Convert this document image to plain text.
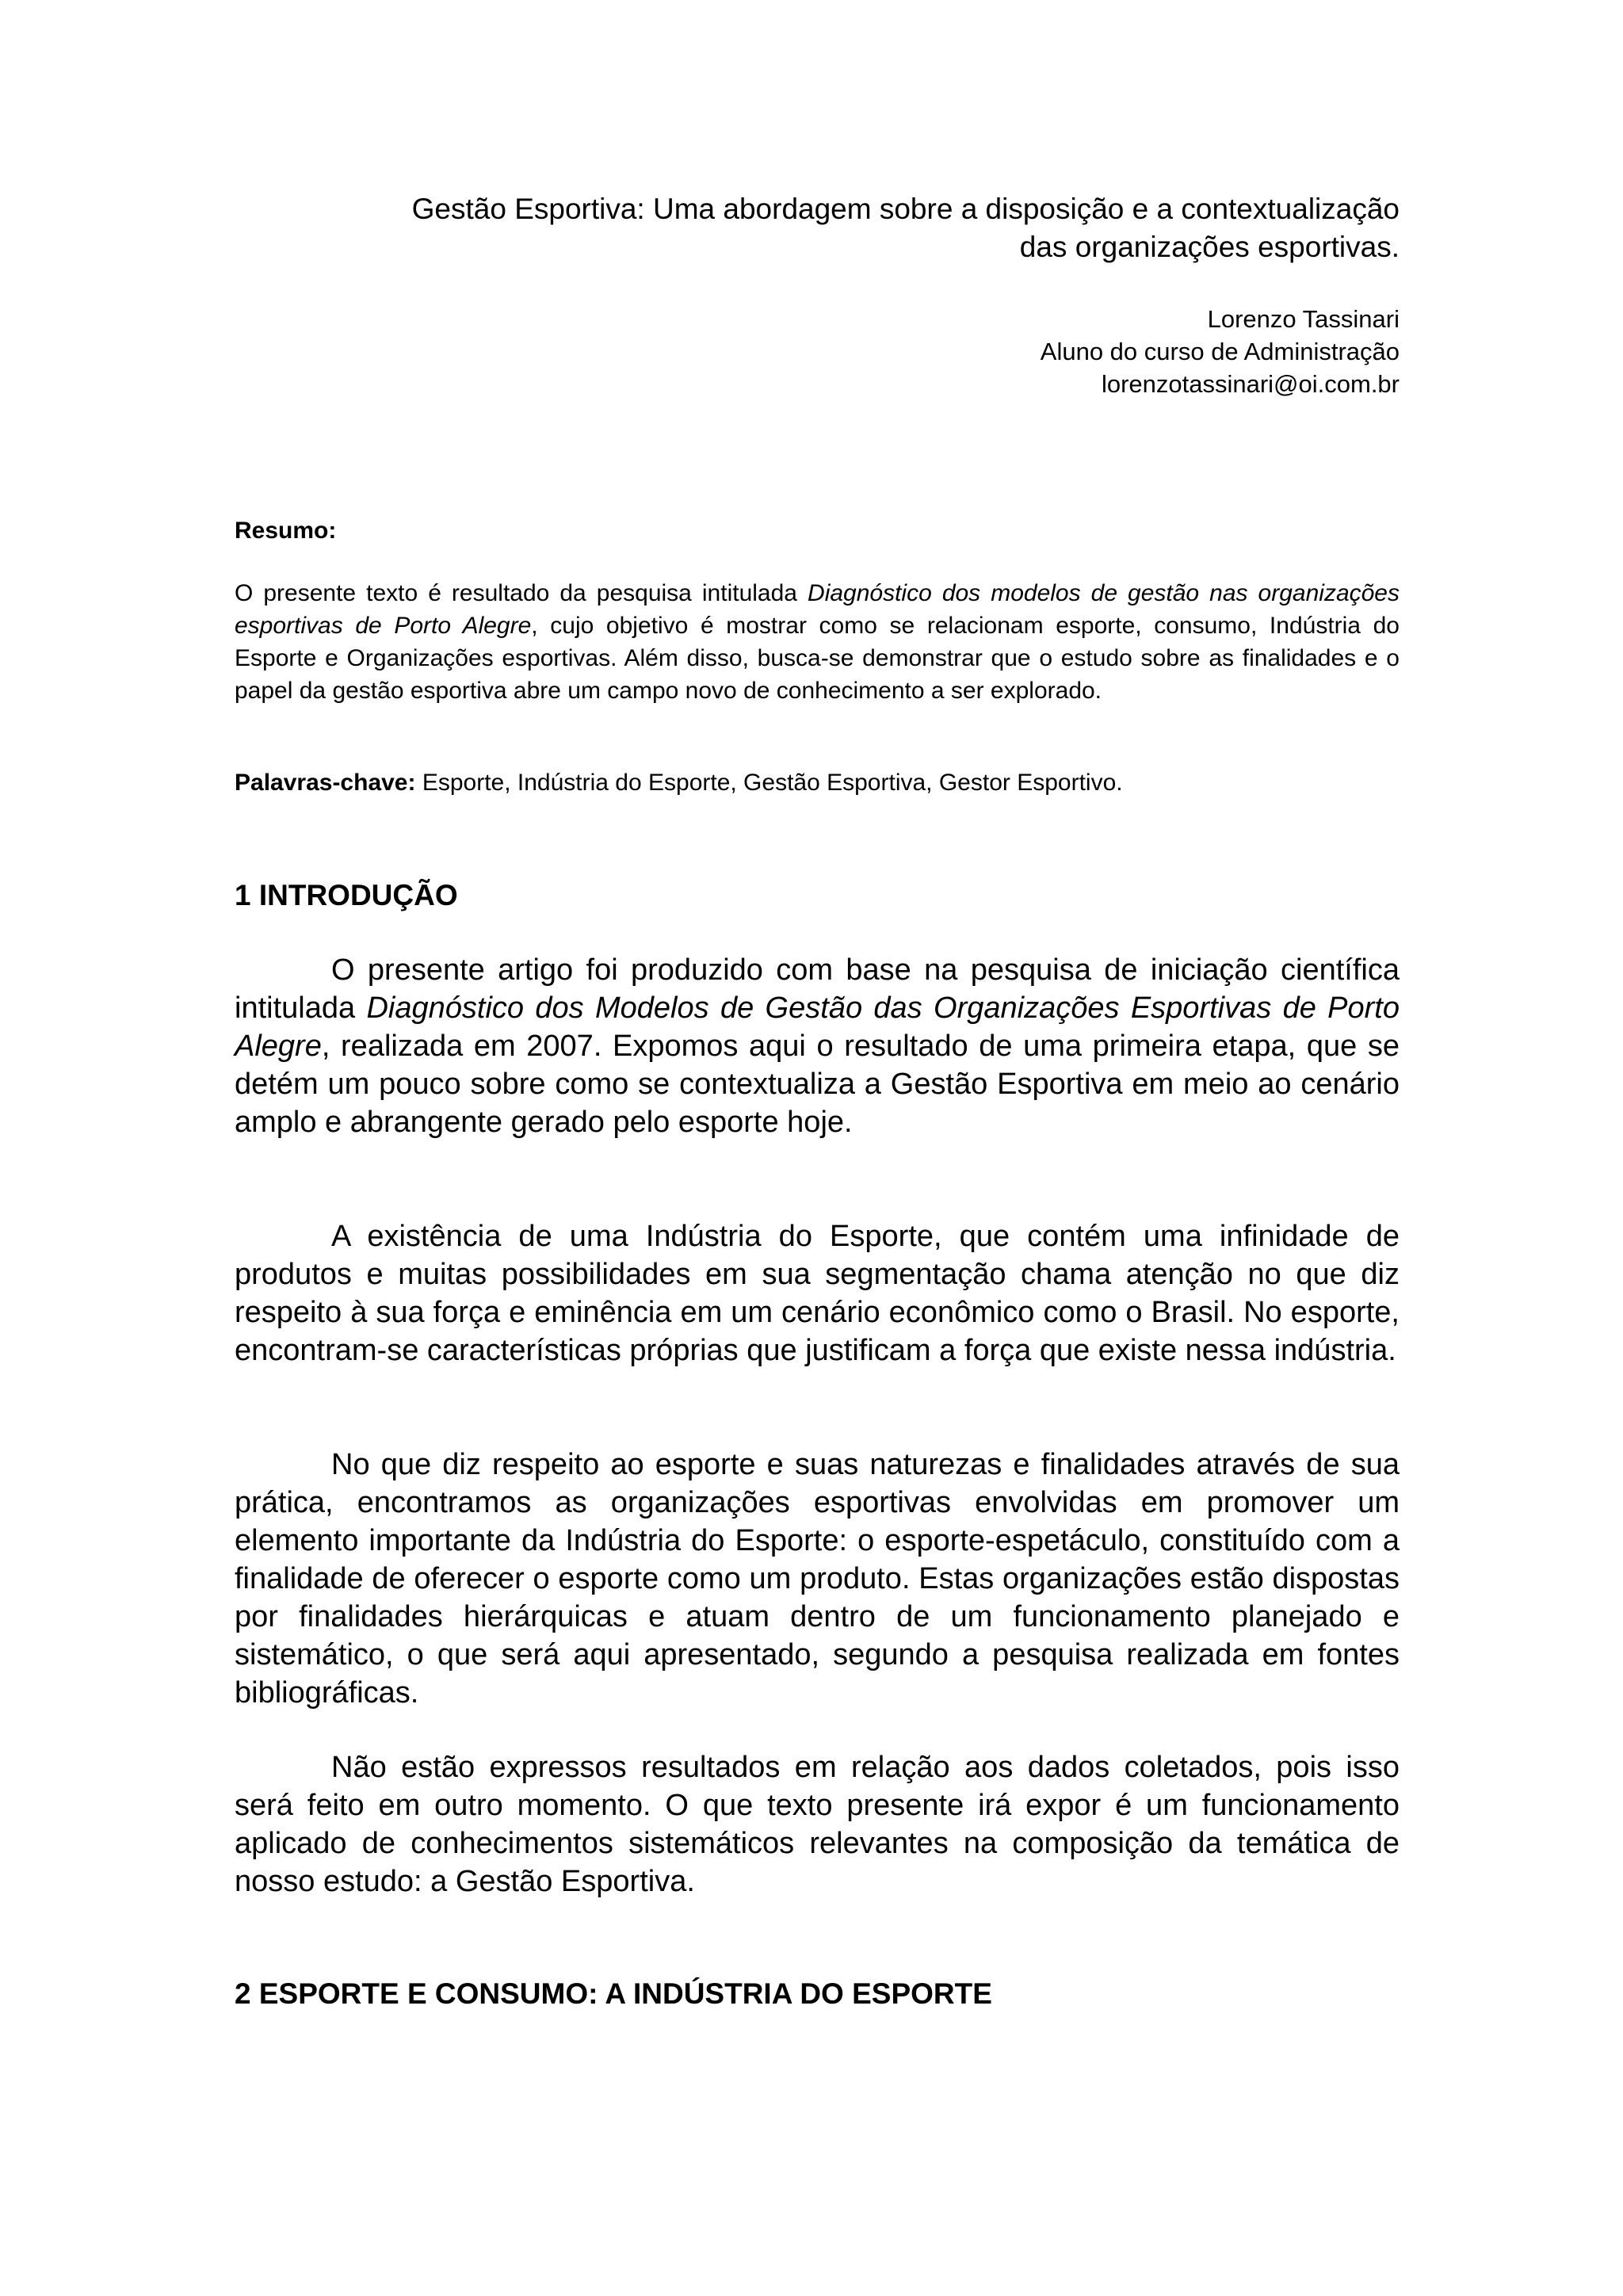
Gestão Esportiva: Uma abordagem sobre a disposição e a contextualização
das organizações esportivas.
Lorenzo Tassinari
Aluno do curso de Administração
lorenzotassinari@oi.com.br
Resumo:
O presente texto é resultado da pesquisa intitulada Diagnóstico dos modelos de gestão nas organizações esportivas de Porto Alegre, cujo objetivo é mostrar como se relacionam esporte, consumo, Indústria do Esporte e Organizações esportivas. Além disso, busca-se demonstrar que o estudo sobre as finalidades e o papel da gestão esportiva abre um campo novo de conhecimento a ser explorado.
Palavras-chave: Esporte, Indústria do Esporte, Gestão Esportiva, Gestor Esportivo.
1 INTRODUÇÃO
O presente artigo foi produzido com base na pesquisa de iniciação científica intitulada Diagnóstico dos Modelos de Gestão das Organizações Esportivas de Porto Alegre, realizada em 2007. Expomos aqui o resultado de uma primeira etapa, que se detém um pouco sobre como se contextualiza a Gestão Esportiva em meio ao cenário amplo e abrangente gerado pelo esporte hoje.
A existência de uma Indústria do Esporte, que contém uma infinidade de produtos e muitas possibilidades em sua segmentação chama atenção no que diz respeito à sua força e eminência em um cenário econômico como o Brasil. No esporte, encontram-se características próprias que justificam a força que existe nessa indústria.
No que diz respeito ao esporte e suas naturezas e finalidades através de sua prática, encontramos as organizações esportivas envolvidas em promover um elemento importante da Indústria do Esporte: o esporte-espetáculo, constituído com a finalidade de oferecer o esporte como um produto. Estas organizações estão dispostas por finalidades hierárquicas e atuam dentro de um funcionamento planejado e sistemático, o que será aqui apresentado, segundo a pesquisa realizada em fontes bibliográficas.
Não estão expressos resultados em relação aos dados coletados, pois isso será feito em outro momento. O que texto presente irá expor é um funcionamento aplicado de conhecimentos sistemáticos relevantes na composição da temática de nosso estudo: a Gestão Esportiva.
2 ESPORTE E CONSUMO: A INDÚSTRIA DO ESPORTE
